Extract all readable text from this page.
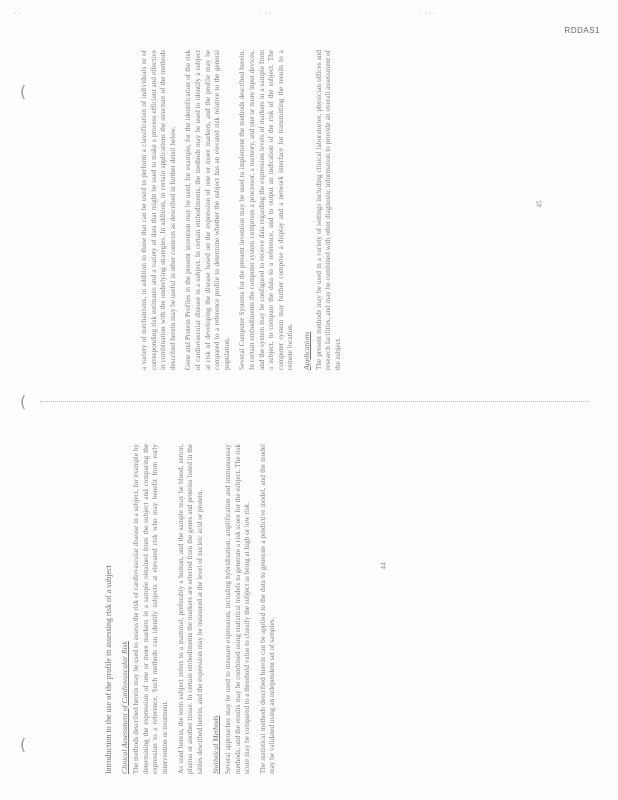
· ·	· · ·	· · · ·
RDDAS1
(
(
(

a variety of mechanisms, in addition to those that can be used to perform a classification of individuals or of corresponding risk estimates and a variety of data that might be used to make a process efficient and effective in combination with the underlying strategies. In addition, in certain applications the structure of the methods described herein may be useful in other contexts as described in further detail below. Gene and Protein Profiles in the present invention may be used, for example, for the identification of the risk of cardiovascular disease in a subject. In certain embodiments, the methods may be used to identify a subject at risk of developing the disease based on the expression of one or more markers, and the profile may be compared to a reference profile to determine whether the subject has an elevated risk relative to the general population. Several Computer Systems for the present invention may be used to implement the methods described herein. In certain embodiments the computer system comprises a processor, a memory, and one or more input devices, and the system may be configured to receive data regarding the expression levels of markers in a sample from a subject, to compare the data to a reference, and to output an indication of the risk of the subject. The computer system may further comprise a display and a network interface for transmitting the results to a remote location. Applications The present methods may be used in a variety of settings including clinical laboratories, physician offices and research facilities, and may be combined with other diagnostic information to provide an overall assessment of the subject.

45
Introduction to the use of the profile in assessing risk of a subject Clinical Assessment of Cardiovascular Risk The methods described herein may be used to assess the risk of cardiovascular disease in a subject, for example by determining the expression of one or more markers in a sample obtained from the subject and comparing the expression to a reference. Such methods can identify subjects at elevated risk who may benefit from early intervention or treatment. As used herein, the term subject refers to a mammal, preferably a human, and the sample may be blood, serum, plasma or another tissue. In certain embodiments the markers are selected from the genes and proteins listed in the tables described herein, and the expression may be measured at the level of nucleic acid or protein. Statistical Methods Several approaches may be used to measure expression, including hybridization, amplification and immunoassay methods, and the results may be combined using statistical models to generate a risk score for the subject. The risk score may be compared to a threshold value to classify the subject as being at high or low risk. The statistical methods described herein can be applied to the data to generate a predictive model, and the model may be validated using an independent set of samples.

44
